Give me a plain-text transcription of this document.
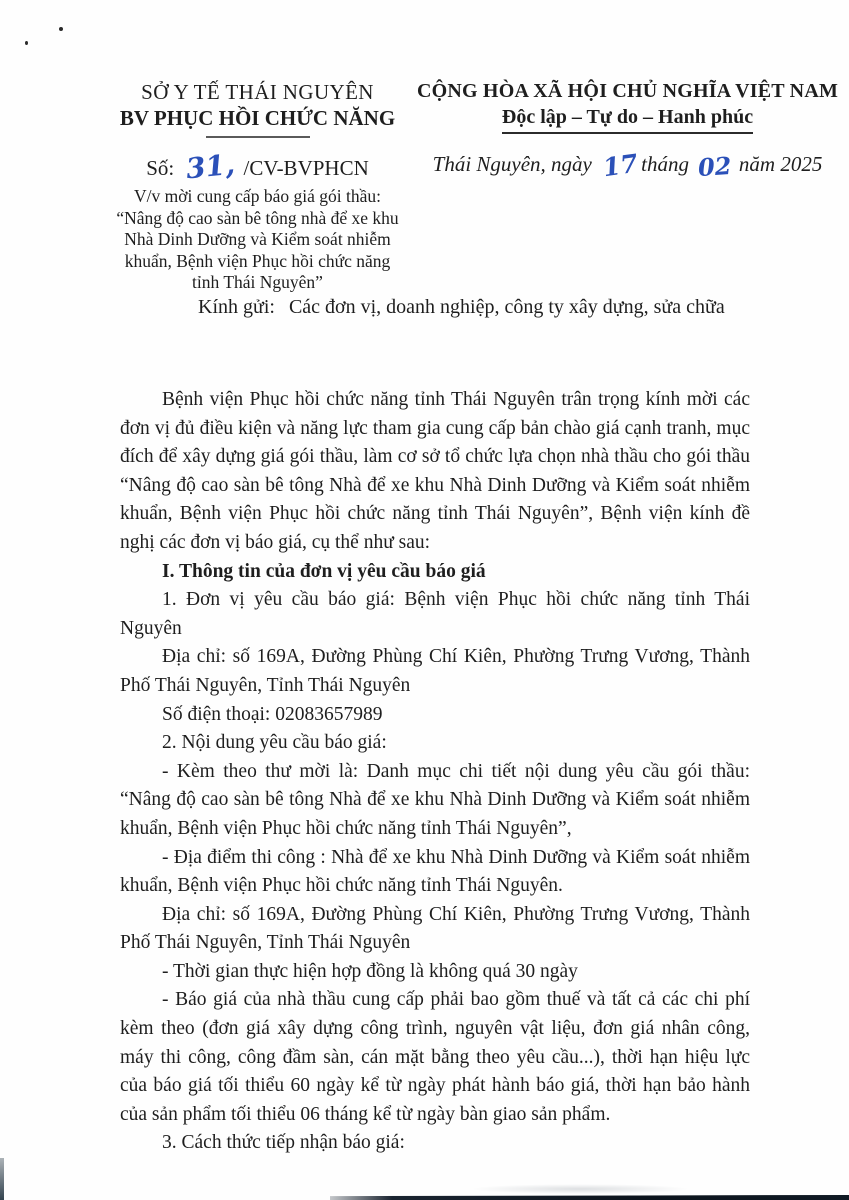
SỞ Y TẾ THÁI NGUYÊN
BV PHỤC HỒI CHỨC NĂNG
Số: 31, /CV-BVPHCN
V/v mời cung cấp báo giá gói thầu:
“Nâng độ cao sàn bê tông nhà để xe khu
Nhà Dinh Dưỡng và Kiểm soát nhiễm
khuẩn, Bệnh viện Phục hồi chức năng
tỉnh Thái Nguyên”
CỘNG HÒA XÃ HỘI CHỦ NGHĨA VIỆT NAM
Độc lập – Tự do – Hanh phúc
Thái Nguyên, ngày 17 tháng 02 năm 2025
Kính gửi: Các đơn vị, doanh nghiệp, công ty xây dựng, sửa chữa

Bệnh viện Phục hồi chức năng tỉnh Thái Nguyên trân trọng kính mời các đơn vị đủ điều kiện và năng lực tham gia cung cấp bản chào giá cạnh tranh, mục đích để xây dựng giá gói thầu, làm cơ sở tổ chức lựa chọn nhà thầu cho gói thầu “Nâng độ cao sàn bê tông Nhà để xe khu Nhà Dinh Dưỡng và Kiểm soát nhiễm khuẩn, Bệnh viện Phục hồi chức năng tỉnh Thái Nguyên”, Bệnh viện kính đề nghị các đơn vị báo giá, cụ thể như sau:

I. Thông tin của đơn vị yêu cầu báo giá

1. Đơn vị yêu cầu báo giá: Bệnh viện Phục hồi chức năng tỉnh Thái Nguyên

Địa chỉ: số 169A, Đường Phùng Chí Kiên, Phường Trưng Vương, Thành Phố Thái Nguyên, Tỉnh Thái Nguyên

Số điện thoại: 02083657989

2. Nội dung yêu cầu báo giá:

- Kèm theo thư mời là: Danh mục chi tiết nội dung yêu cầu gói thầu: “Nâng độ cao sàn bê tông Nhà để xe khu Nhà Dinh Dưỡng và Kiểm soát nhiễm khuẩn, Bệnh viện Phục hồi chức năng tỉnh Thái Nguyên”,

- Địa điểm thi công : Nhà để xe khu Nhà Dinh Dưỡng và Kiểm soát nhiễm khuẩn, Bệnh viện Phục hồi chức năng tỉnh Thái Nguyên.

Địa chỉ: số 169A, Đường Phùng Chí Kiên, Phường Trưng Vương, Thành Phố Thái Nguyên, Tỉnh Thái Nguyên

- Thời gian thực hiện hợp đồng là không quá 30 ngày

- Báo giá của nhà thầu cung cấp phải bao gồm thuế và tất cả các chi phí kèm theo (đơn giá xây dựng công trình, nguyên vật liệu, đơn giá nhân công, máy thi công, công đầm sàn, cán mặt bằng theo yêu cầu...), thời hạn hiệu lực của báo giá tối thiểu 60 ngày kể từ ngày phát hành báo giá, thời hạn bảo hành của sản phẩm tối thiểu 06 tháng kể từ ngày bàn giao sản phẩm.

3. Cách thức tiếp nhận báo giá:
